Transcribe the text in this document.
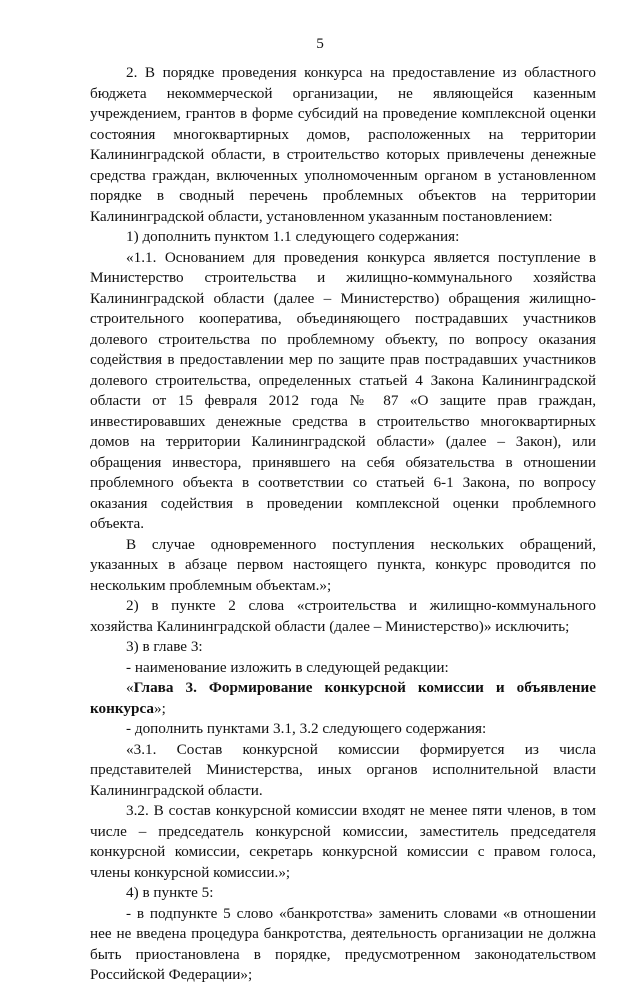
5

2. В порядке проведения конкурса на предоставление из областного бюджета некоммерческой организации, не являющейся казенным учреждением, грантов в форме субсидий на проведение комплексной оценки состояния многоквартирных домов, расположенных на территории Калининградской области, в строительство которых привлечены денежные средства граждан, включенных уполномоченным органом в установленном порядке в сводный перечень проблемных объектов на территории Калининградской области, установленном указанным постановлением:

1) дополнить пунктом 1.1 следующего содержания:

«1.1. Основанием для проведения конкурса является поступление в Министерство строительства и жилищно-коммунального хозяйства Калининградской области (далее – Министерство) обращения жилищно-строительного кооператива, объединяющего пострадавших участников долевого строительства по проблемному объекту, по вопросу оказания содействия в предоставлении мер по защите прав пострадавших участников долевого строительства, определенных статьей 4 Закона Калининградской области от 15 февраля 2012 года № 87 «О защите прав граждан, инвестировавших денежные средства в строительство многоквартирных домов на территории Калининградской области» (далее – Закон), или обращения инвестора, принявшего на себя обязательства в отношении проблемного объекта в соответствии со статьей 6-1 Закона, по вопросу оказания содействия в проведении комплексной оценки проблемного объекта.

В случае одновременного поступления нескольких обращений, указанных в абзаце первом настоящего пункта, конкурс проводится по нескольким проблемным объектам.»;

2) в пункте 2 слова «строительства и жилищно-коммунального хозяйства Калининградской области (далее – Министерство)» исключить;

3) в главе 3:

- наименование изложить в следующей редакции:

«Глава 3. Формирование конкурсной комиссии и объявление конкурса»;

- дополнить пунктами 3.1, 3.2 следующего содержания:

«3.1. Состав конкурсной комиссии формируется из числа представителей Министерства, иных органов исполнительной власти Калининградской области.

3.2. В состав конкурсной комиссии входят не менее пяти членов, в том числе – председатель конкурсной комиссии, заместитель председателя конкурсной комиссии, секретарь конкурсной комиссии с правом голоса, члены конкурсной комиссии.»;

4) в пункте 5:

- в подпункте 5 слово «банкротства» заменить словами «в отношении нее не введена процедура банкротства, деятельность организации не должна быть приостановлена в порядке, предусмотренном законодательством Российской Федерации»;
